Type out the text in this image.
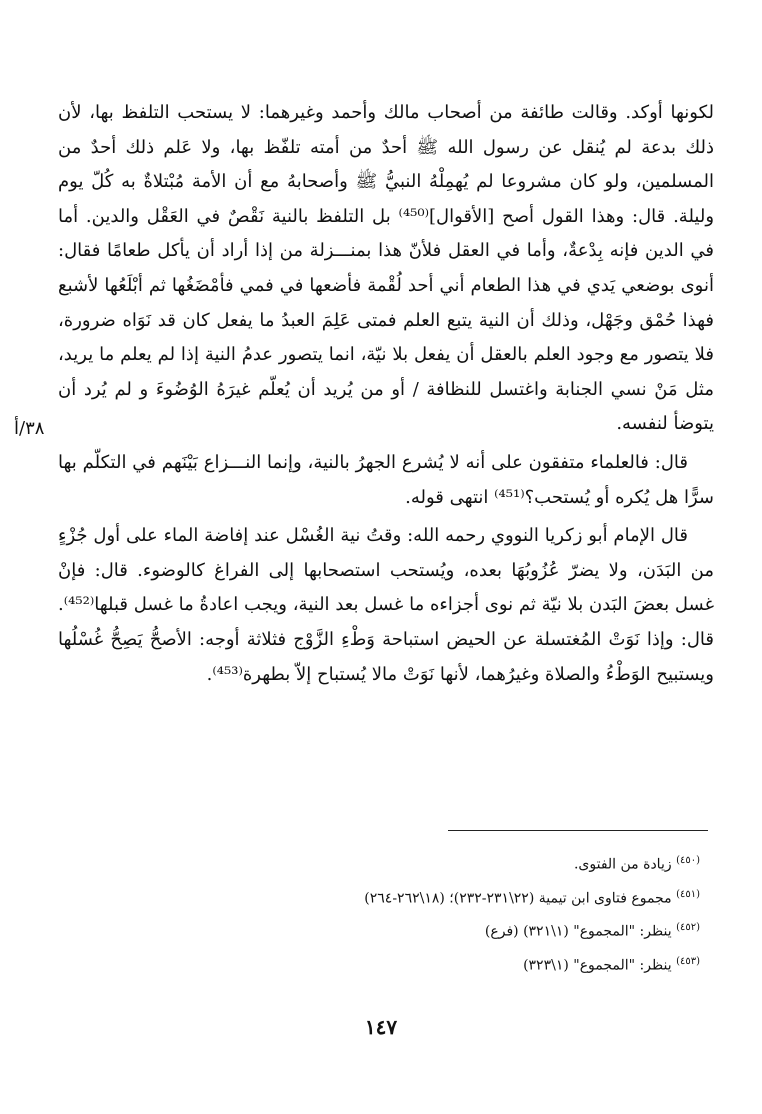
لكونها أوكد. وقالت طائفة من أصحاب مالك وأحمد وغيرهما: لا يستحب التلفظ بها، لأن ذلك بدعة لم يُنقل عن رسول الله ﷺ أحدٌ من أمته تلفّظ بها، ولا عَلم ذلك أحدٌ من المسلمين، ولو كان مشروعا لم يُهمِلْهُ النبيُّ ﷺ وأصحابهُ مع أن الأمة مُبْتلاةٌ به كُلّ يوم وليلة. قال: وهذا القول أصح [الأقوال]⁽⁴⁵⁰⁾ بل التلفظ بالنية نَقْصٌ في العَقْل والدين. أما في الدين فإنه بِدْعةٌ، وأما في العقل فلأنّ هذا بمنـــزلة من إذا أراد أن يأكل طعامًا فقال: أنوى بوضعي يَدي في هذا الطعام أني أحد لُقْمة فأضعها في فمي فأمْضَغُها ثم أبْلَعُها لأشبع فهذا حُمْق وجَهْل، وذلك أن النية يتبع العلم فمتى عَلِمَ العبدُ ما يفعل كان قد نَوَاه ضرورة، فلا يتصور مع وجود العلم بالعقل أن يفعل بلا نيّة، انما يتصور عدمُ النية إذا لم يعلم ما يريد، مثل مَنْ نسي الجنابة واغتسل للنظافة / أو من يُريد أن يُعلّم غيرَهُ الوُضُوءَ و لم يُرد أن يتوضأ لنفسه.

قال: فالعلماء متفقون على أنه لا يُشرع الجهرُ بالنية، وإنما النـــزاع بَيْنَهم في التكلّم بها سرًّا هل يُكره أو يُستحب؟⁽⁴⁵¹⁾ انتهى قوله.

قال الإمام أبو زكريا النووي رحمه الله: وقتُ نية الغُسْل عند إفاضة الماء على أول جُزْءٍ من البَدَن، ولا يضرّ عُزُوبُهَا بعده، ويُستحب استصحابها إلى الفراغ كالوضوء. قال: فإنْ غسل بعضَ البَدن بلا نيّة ثم نوى أجزاءه ما غسل بعد النية، ويجب اعادةُ ما غسل قبلها⁽⁴⁵²⁾. قال: وإذا نَوَتْ المُغتسلة عن الحيض استباحة وَطْءِ الزَّوْج فثلاثة أوجه: الأصحُّ يَصِحُّ غُسْلُها ويستبيح الوَطْءُ والصلاة وغيرُهما، لأنها نَوَتْ مالا يُستباح إلاّ بطهرة⁽⁴⁵³⁾.

٣٨/أ

$^{(٤٥٠)}$ زيادة من الفتوى.

$^{(٤٥١)}$ مجموع فتاوى ابن تيمية (٢٢\٢٣١-٢٣٢)؛ (١٨\٢٦٢-٢٦٤)

$^{(٤٥٢)}$ ينظر: "المجموع" (١\٣٢١) (فرع)

$^{(٤٥٣)}$ ينظر: "المجموع" (١\٣٢٣)

١٤٧
